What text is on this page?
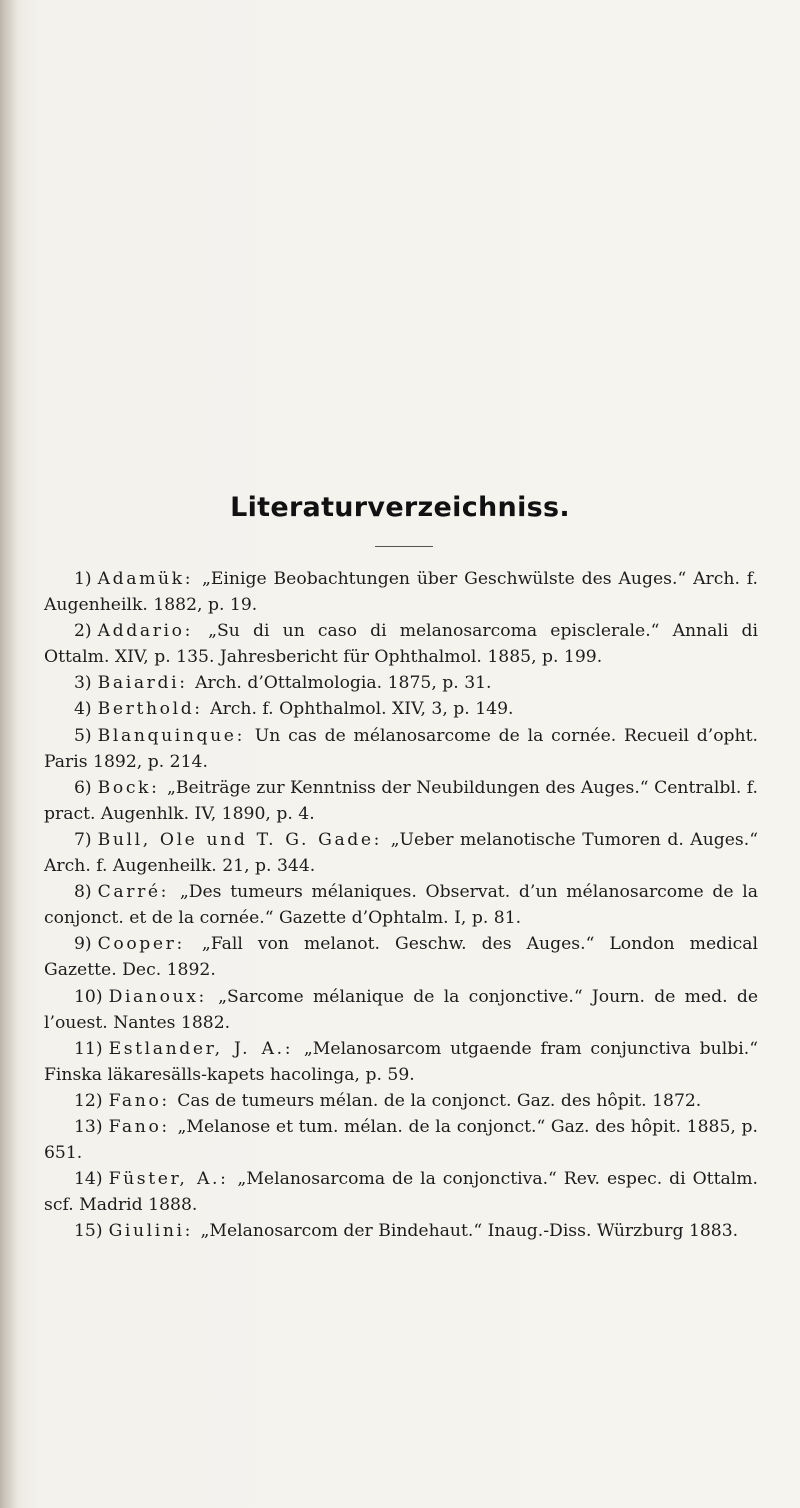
Literaturverzeichniss.

1) Adamük: „Einige Beobachtungen über Geschwülste des Auges.“ Arch. f. Augenheilk. 1882, p. 19.

2) Addario: „Su di un caso di melanosarcoma episclerale.“ Annali di Ottalm. XIV, p. 135. Jahresbericht für Ophthalmol. 1885, p. 199.

3) Baiardi: Arch. d’Ottalmologia. 1875, p. 31.

4) Berthold: Arch. f. Ophthalmol. XIV, 3, p. 149.

5) Blanquinque: Un cas de mélanosarcome de la cornée. Recueil d’opht. Paris 1892, p. 214.

6) Bock: „Beiträge zur Kenntniss der Neubildungen des Auges.“ Centralbl. f. pract. Augenhlk. IV, 1890, p. 4.

7) Bull, Ole und T. G. Gade: „Ueber melanotische Tumoren d. Auges.“ Arch. f. Augenheilk. 21, p. 344.

8) Carré: „Des tumeurs mélaniques. Observat. d’un mélanosarcome de la conjonct. et de la cornée.“ Gazette d’Ophtalm. I, p. 81.

9) Cooper: „Fall von melanot. Geschw. des Auges.“ London medical Gazette. Dec. 1892.

10) Dianoux: „Sarcome mélanique de la conjonctive.“ Journ. de med. de l’ouest. Nantes 1882.

11) Estlander, J. A.: „Melanosarcom utgaende fram conjunctiva bulbi.“ Finska läkaresälls-kapets hacolinga, p. 59.

12) Fano: Cas de tumeurs mélan. de la conjonct. Gaz. des hôpit. 1872.

13) Fano: „Melanose et tum. mélan. de la conjonct.“ Gaz. des hôpit. 1885, p. 651.

14) Füster, A.: „Melanosarcoma de la conjonctiva.“ Rev. espec. di Ottalm. scf. Madrid 1888.

15) Giulini: „Melanosarcom der Bindehaut.“ Inaug.-Diss. Würzburg 1883.
